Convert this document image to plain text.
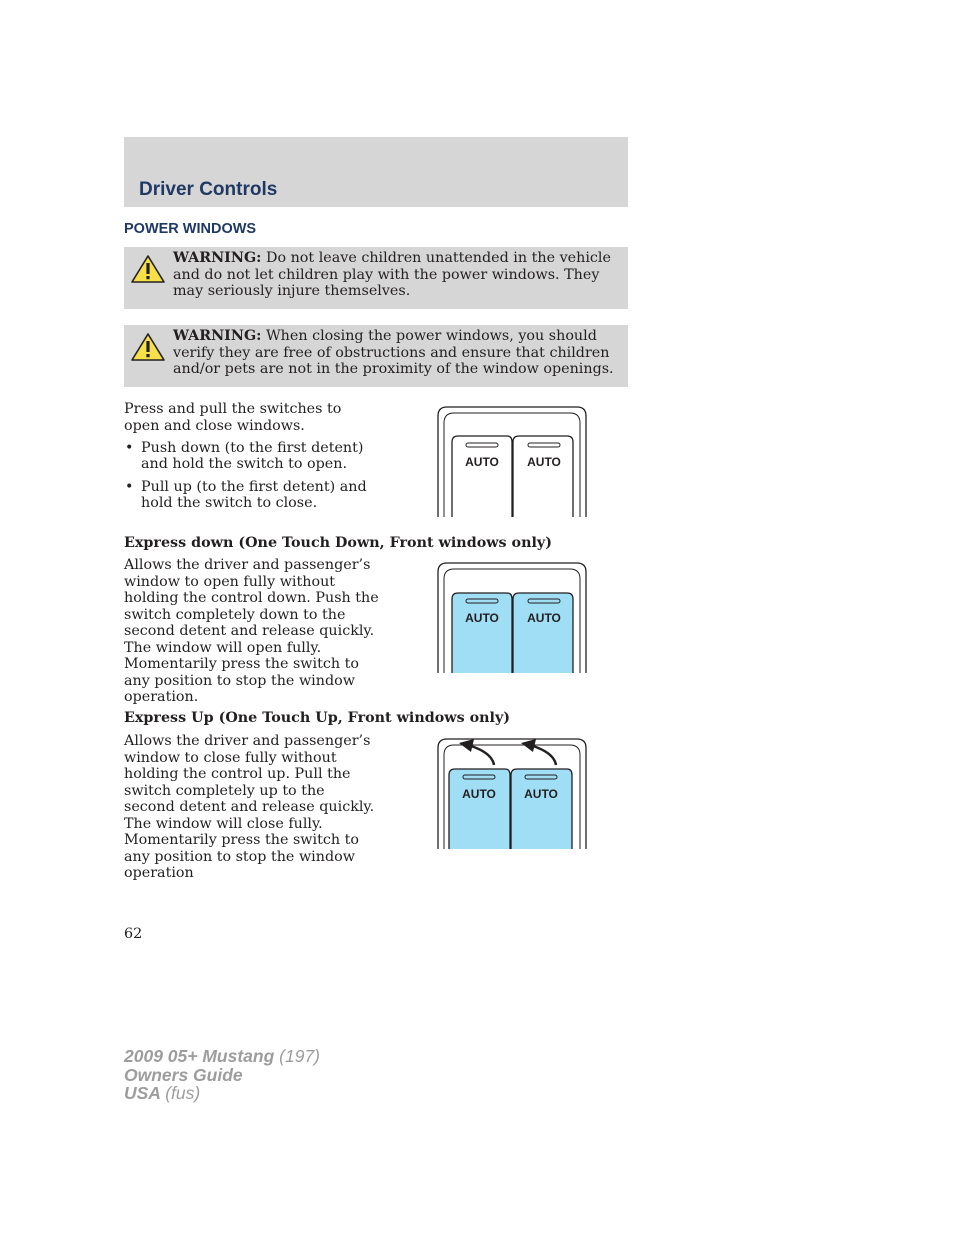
Driver Controls
POWER WINDOWS
WARNING: Do not leave children unattended in the vehicle and do not let children play with the power windows. They may seriously injure themselves.
WARNING: When closing the power windows, you should verify they are free of obstructions and ensure that children and/or pets are not in the proximity of the window openings.

Press and pull the switches to open and close windows.

• Push down (to the first detent) and hold the switch to open.
• Pull up (to the first detent) and hold the switch to close.
AUTO AUTO
Express down (One Touch Down, Front windows only)

Allows the driver and passenger’s window to open fully without holding the control down. Push the switch completely down to the second detent and release quickly. The window will open fully. Momentarily press the switch to any position to stop the window operation.

AUTO AUTO
Express Up (One Touch Up, Front windows only)

Allows the driver and passenger’s window to close fully without holding the control up. Pull the switch completely up to the second detent and release quickly. The window will close fully. Momentarily press the switch to any position to stop the window operation

AUTO AUTO

62

2009 05+ Mustang (197)
Owners Guide
USA (fus)
